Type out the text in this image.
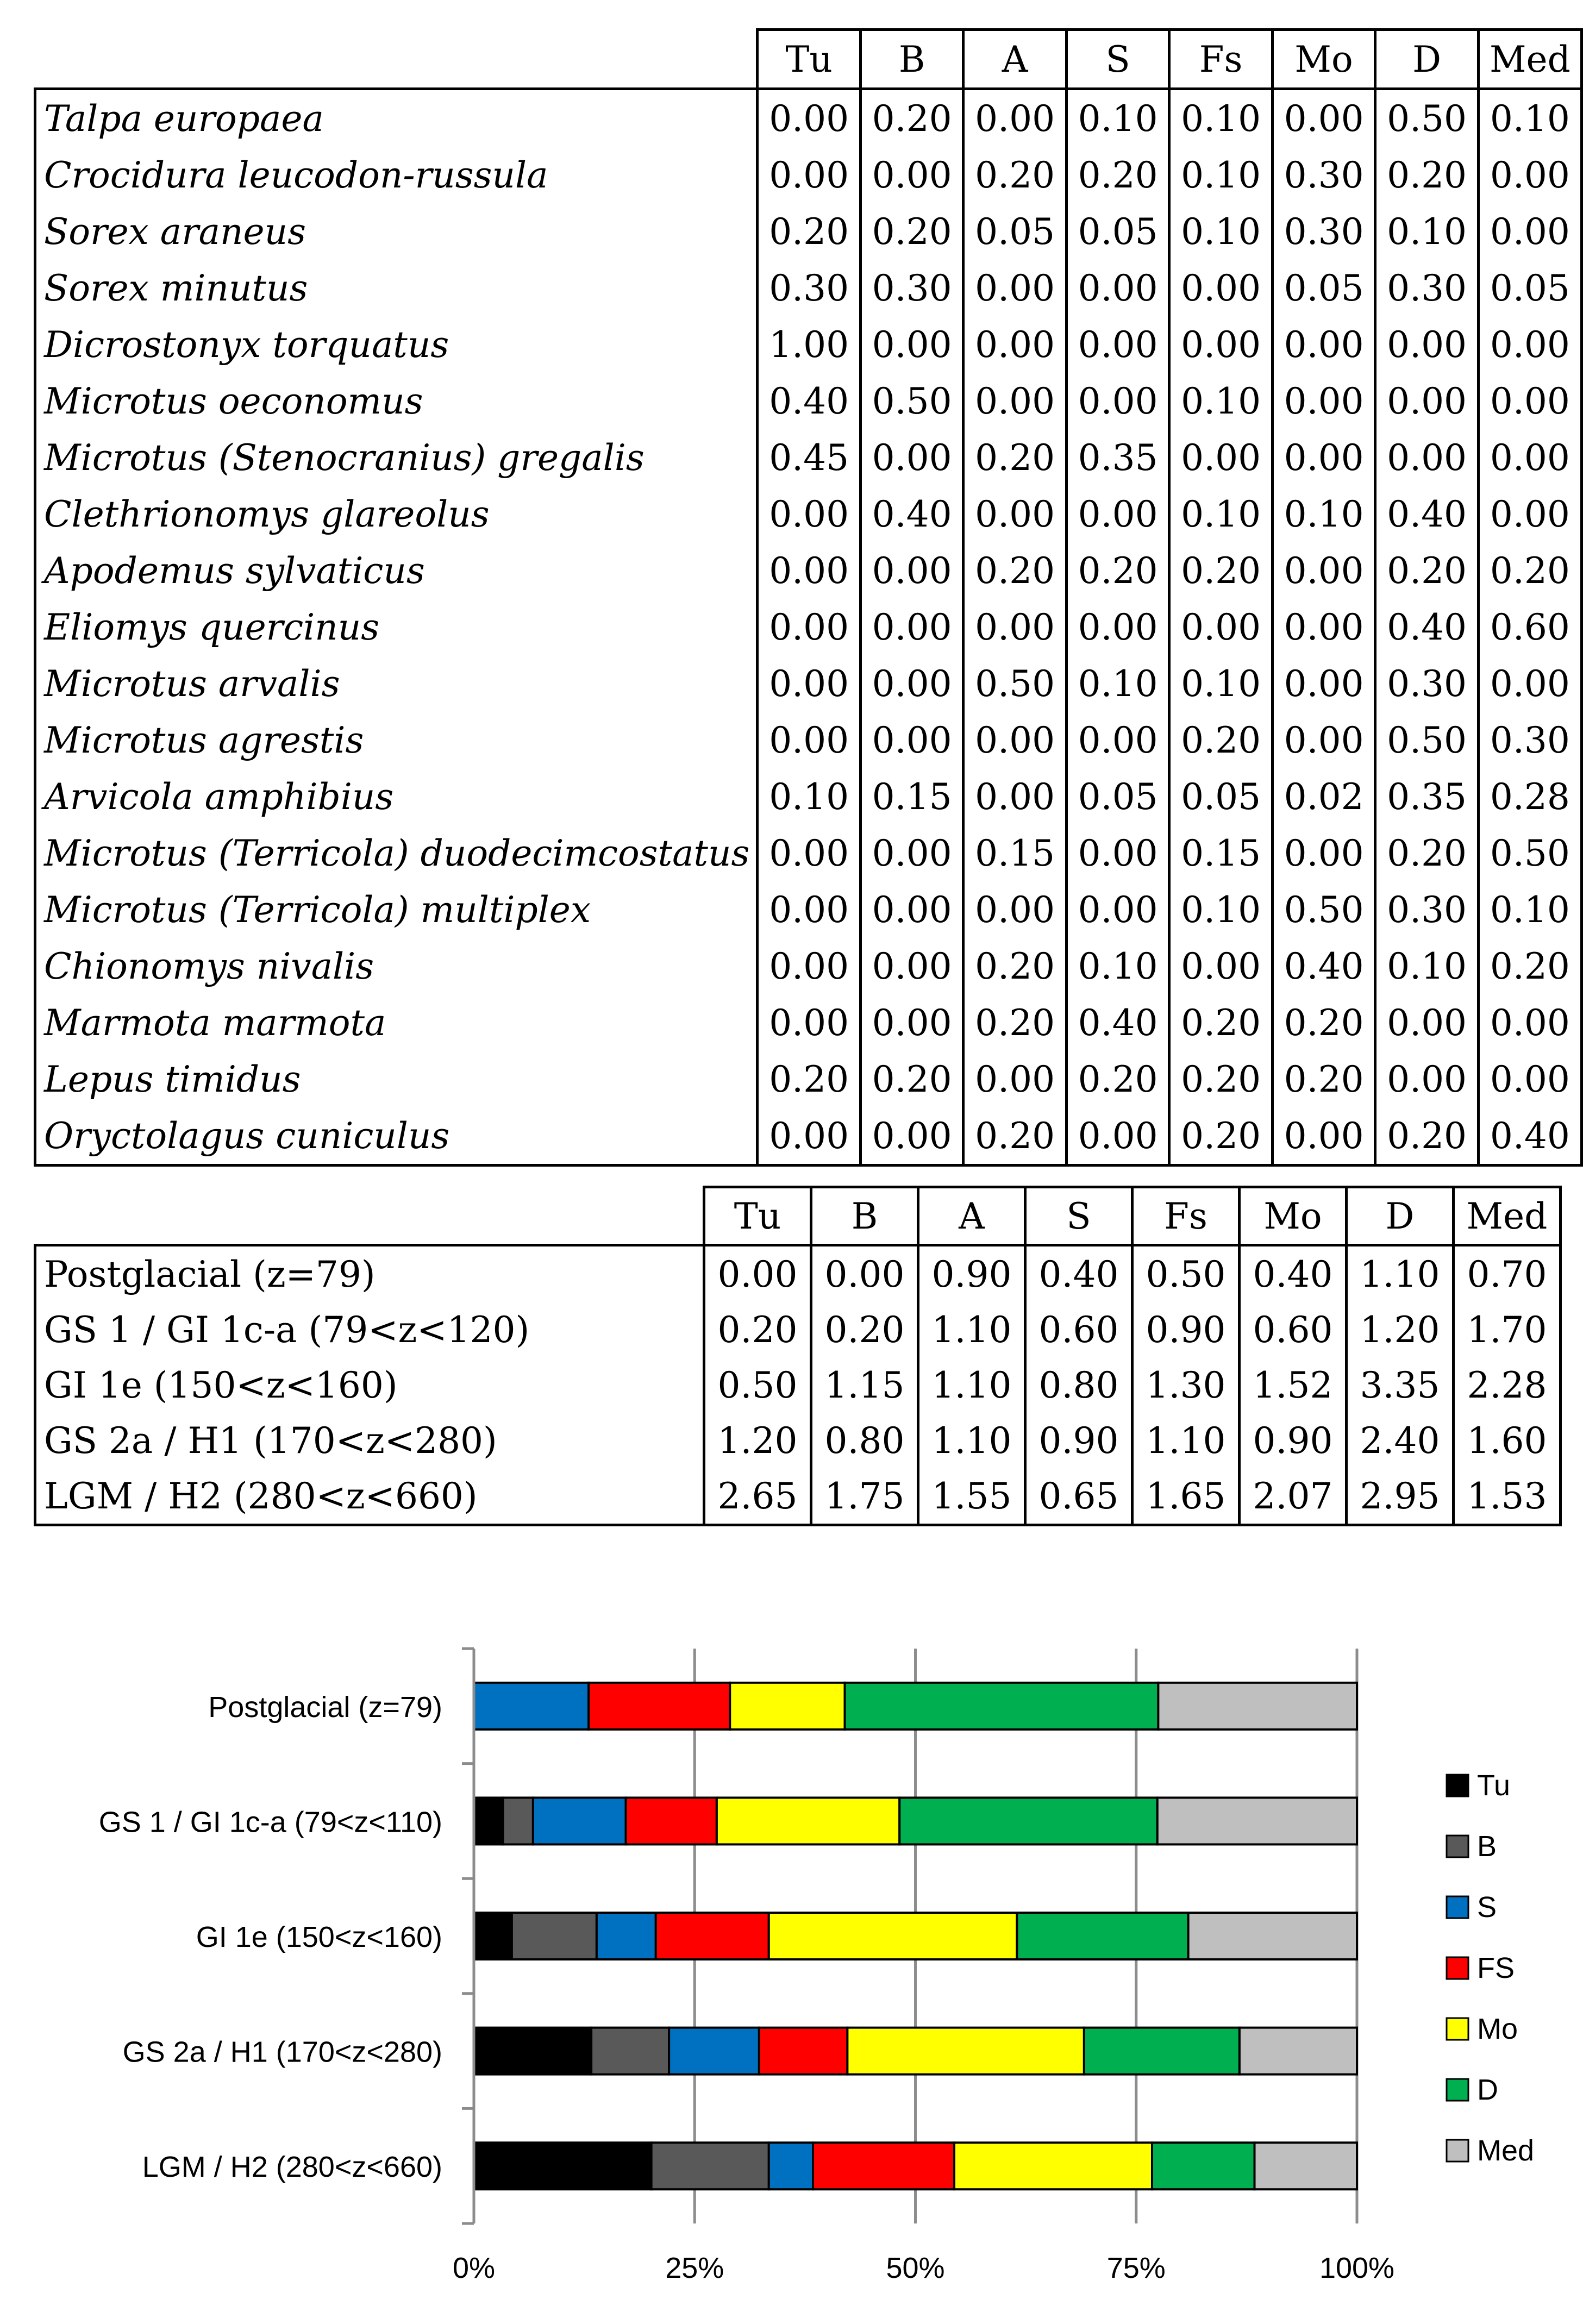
	Tu	B	A	S	Fs	Mo	D	Med
Talpa europaea	0.00	0.20	0.00	0.10	0.10	0.00	0.50	0.10
Crocidura leucodon-russula	0.00	0.00	0.20	0.20	0.10	0.30	0.20	0.00
Sorex araneus	0.20	0.20	0.05	0.05	0.10	0.30	0.10	0.00
Sorex minutus	0.30	0.30	0.00	0.00	0.00	0.05	0.30	0.05
Dicrostonyx torquatus	1.00	0.00	0.00	0.00	0.00	0.00	0.00	0.00
Microtus oeconomus	0.40	0.50	0.00	0.00	0.10	0.00	0.00	0.00
Microtus (Stenocranius) gregalis	0.45	0.00	0.20	0.35	0.00	0.00	0.00	0.00
Clethrionomys glareolus	0.00	0.40	0.00	0.00	0.10	0.10	0.40	0.00
Apodemus sylvaticus	0.00	0.00	0.20	0.20	0.20	0.00	0.20	0.20
Eliomys quercinus	0.00	0.00	0.00	0.00	0.00	0.00	0.40	0.60
Microtus arvalis	0.00	0.00	0.50	0.10	0.10	0.00	0.30	0.00
Microtus agrestis	0.00	0.00	0.00	0.00	0.20	0.00	0.50	0.30
Arvicola amphibius	0.10	0.15	0.00	0.05	0.05	0.02	0.35	0.28
Microtus (Terricola) duodecimcostatus	0.00	0.00	0.15	0.00	0.15	0.00	0.20	0.50
Microtus (Terricola) multiplex	0.00	0.00	0.00	0.00	0.10	0.50	0.30	0.10
Chionomys nivalis	0.00	0.00	0.20	0.10	0.00	0.40	0.10	0.20
Marmota marmota	0.00	0.00	0.20	0.40	0.20	0.20	0.00	0.00
Lepus timidus	0.20	0.20	0.00	0.20	0.20	0.20	0.00	0.00
Oryctolagus cuniculus	0.00	0.00	0.20	0.00	0.20	0.00	0.20	0.40
	Tu	B	A	S	Fs	Mo	D	Med
Postglacial (z=79)	0.00	0.00	0.90	0.40	0.50	0.40	1.10	0.70
GS 1 / GI 1c-a (79<z<120)	0.20	0.20	1.10	0.60	0.90	0.60	1.20	1.70
GI 1e (150<z<160)	0.50	1.15	1.10	0.80	1.30	1.52	3.35	2.28
GS 2a / H1 (170<z<280)	1.20	0.80	1.10	0.90	1.10	0.90	2.40	1.60
LGM / H2 (280<z<660)	2.65	1.75	1.55	0.65	1.65	2.07	2.95	1.53
0%	25%	50%	75%	100%
Postglacial (z=79)
GS 1 / GI 1c-a (79<z<110)
GI 1e (150<z<160)
GS 2a / H1 (170<z<280)
LGM / H2 (280<z<660)
Tu
B
S
FS
Mo
D
Med
